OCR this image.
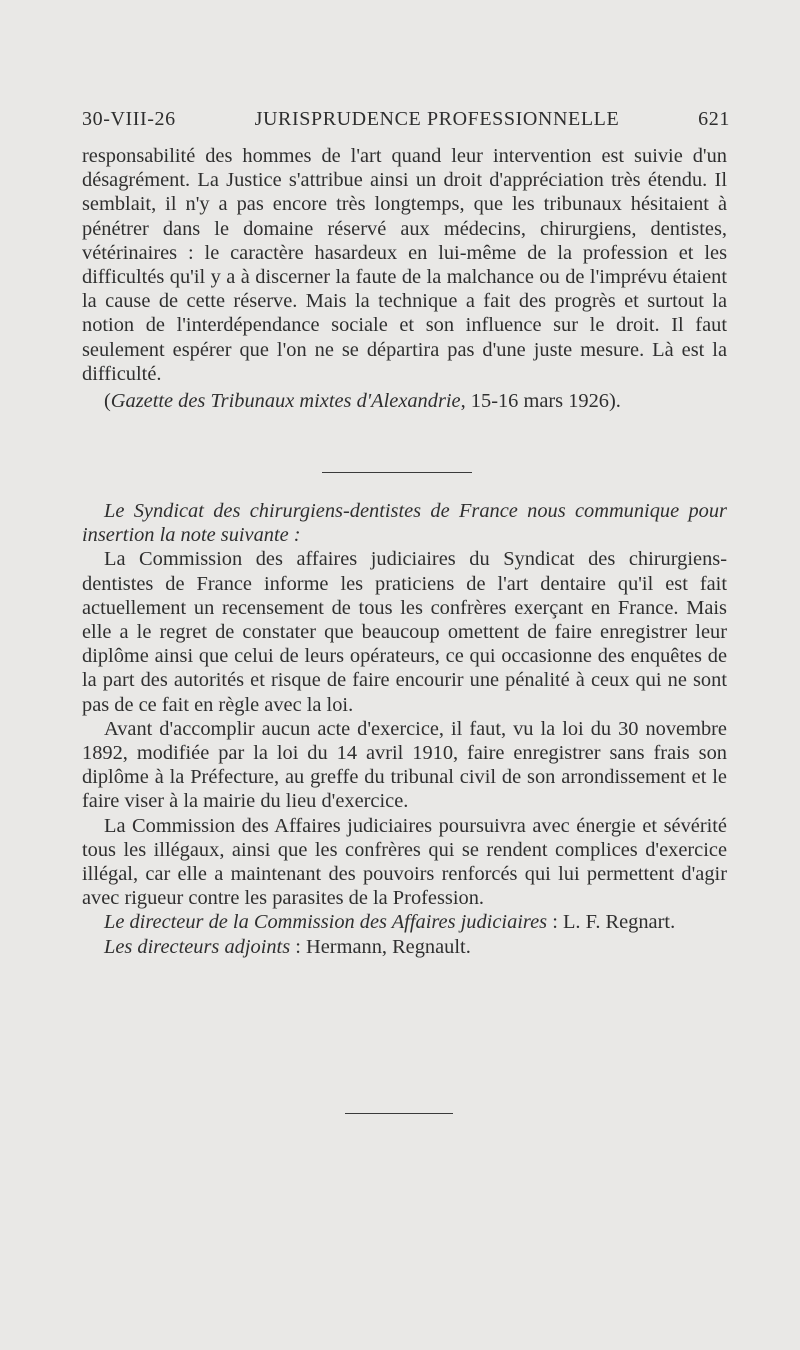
30-VIII-26	JURISPRUDENCE PROFESSIONNELLE	621

responsabilité des hommes de l'art quand leur intervention est suivie d'un désagrément. La Justice s'attribue ainsi un droit d'appréciation très étendu. Il semblait, il n'y a pas encore très longtemps, que les tribunaux hésitaient à pénétrer dans le domaine réservé aux médecins, chirurgiens, dentistes, vétérinaires : le caractère hasardeux en lui-même de la profession et les difficultés qu'il y a à discerner la faute de la malchance ou de l'imprévu étaient la cause de cette réserve. Mais la technique a fait des progrès et surtout la notion de l'interdépendance sociale et son influence sur le droit. Il faut seulement espérer que l'on ne se départira pas d'une juste mesure. Là est la difficulté.

(Gazette des Tribunaux mixtes d'Alexandrie, 15-16 mars 1926).

Le Syndicat des chirurgiens-dentistes de France nous communique pour insertion la note suivante :

La Commission des affaires judiciaires du Syndicat des chirurgiens-dentistes de France informe les praticiens de l'art dentaire qu'il est fait actuellement un recensement de tous les confrères exerçant en France. Mais elle a le regret de constater que beaucoup omettent de faire enregistrer leur diplôme ainsi que celui de leurs opérateurs, ce qui occasionne des enquêtes de la part des autorités et risque de faire encourir une pénalité à ceux qui ne sont pas de ce fait en règle avec la loi.

Avant d'accomplir aucun acte d'exercice, il faut, vu la loi du 30 novembre 1892, modifiée par la loi du 14 avril 1910, faire enregistrer sans frais son diplôme à la Préfecture, au greffe du tribunal civil de son arrondissement et le faire viser à la mairie du lieu d'exercice.

La Commission des Affaires judiciaires poursuivra avec énergie et sévérité tous les illégaux, ainsi que les confrères qui se rendent complices d'exercice illégal, car elle a maintenant des pouvoirs renforcés qui lui permettent d'agir avec rigueur contre les parasites de la Profession.

Le directeur de la Commission des Affaires judiciaires : L. F. Regnart.

Les directeurs adjoints : Hermann, Regnault.
